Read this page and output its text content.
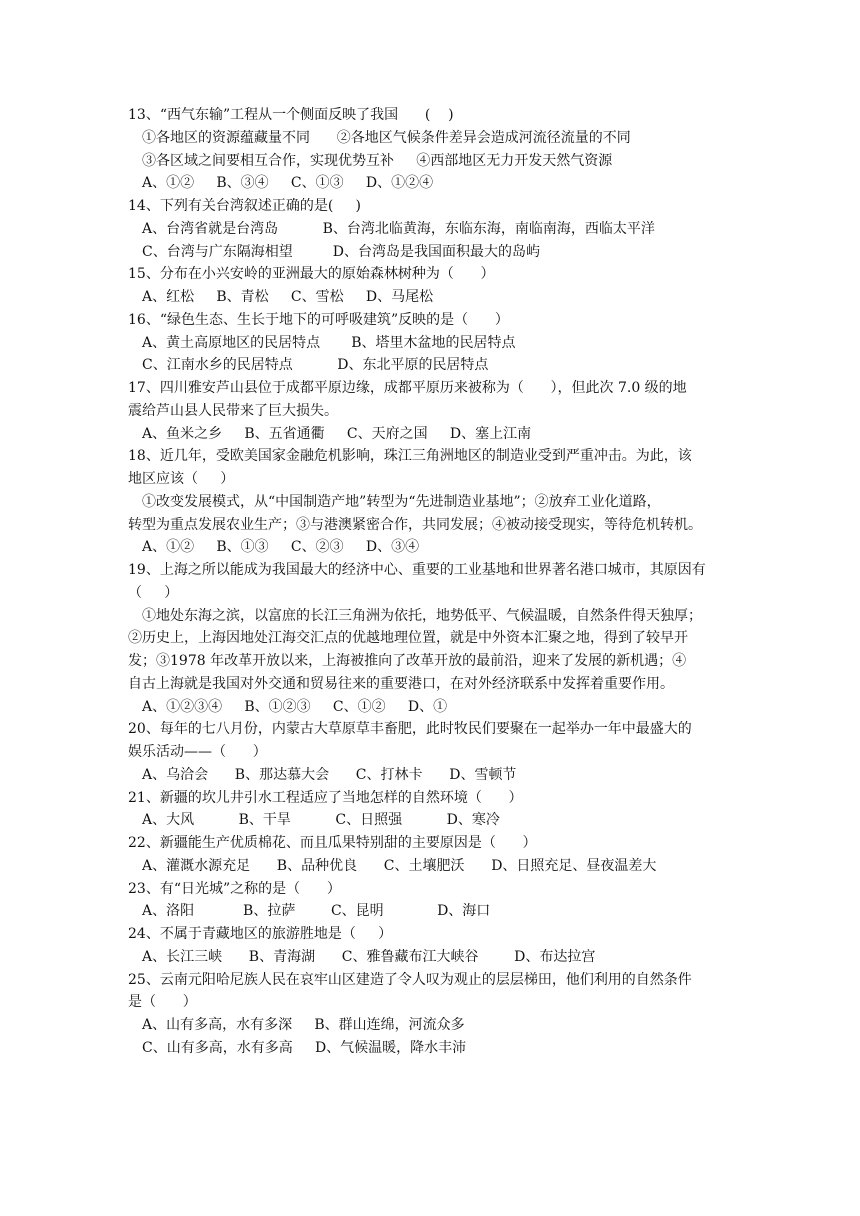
13、“西气东输”工程从一个侧面反映了我国      (    )
①各地区的资源蕴藏量不同      ②各地区气候条件差异会造成河流径流量的不同
③各区域之间要相互合作，实现优势互补     ④西部地区无力开发天然气资源
A、①②     B、③④     C、①③     D、①②④
14、下列有关台湾叙述正确的是(     )
A、台湾省就是台湾岛          B、台湾北临黄海，东临东海，南临南海，西临太平洋
C、台湾与广东隔海相望         D、台湾岛是我国面积最大的岛屿
15、分布在小兴安岭的亚洲最大的原始森林树种为（      ）
A、红松     B、青松     C、雪松     D、马尾松
16、“绿色生态、生长于地下的可呼吸建筑”反映的是（      ）
A、黄土高原地区的民居特点       B、塔里木盆地的民居特点
C、江南水乡的民居特点          D、东北平原的民居特点
17、四川雅安芦山县位于成都平原边缘，成都平原历来被称为（      ），但此次 7.0 级的地
震给芦山县人民带来了巨大损失。
A、鱼米之乡     B、五省通衢     C、天府之国     D、塞上江南
18、近几年，受欧美国家金融危机影响，珠江三角洲地区的制造业受到严重冲击。为此，该
地区应该（     ）
①改变发展模式，从“中国制造产地”转型为“先进制造业基地”；②放弃工业化道路，
转型为重点发展农业生产；③与港澳紧密合作，共同发展；④被动接受现实，等待危机转机。
A、①②     B、①③     C、②③     D、③④
19、上海之所以能成为我国最大的经济中心、重要的工业基地和世界著名港口城市，其原因有
（     ）
①地处东海之滨，以富庶的长江三角洲为依托，地势低平、气候温暖，自然条件得天独厚；
②历史上，上海因地处江海交汇点的优越地理位置，就是中外资本汇聚之地，得到了较早开
发；③1978 年改革开放以来，上海被推向了改革开放的最前沿，迎来了发展的新机遇；④
自古上海就是我国对外交通和贸易往来的重要港口，在对外经济联系中发挥着重要作用。
A、①②③④     B、①②③     C、①②     D、①
20、每年的七八月份，内蒙古大草原草丰畜肥，此时牧民们要聚在一起举办一年中最盛大的
娱乐活动——（      ）
A、乌洽会      B、那达慕大会      C、打林卡      D、雪顿节
21、新疆的坎儿井引水工程适应了当地怎样的自然环境（      ）
A、大风          B、干旱          C、日照强          D、寒冷
22、新疆能生产优质棉花、而且瓜果特别甜的主要原因是（      ）
A、灌溉水源充足      B、品种优良      C、土壤肥沃      D、日照充足、昼夜温差大
23、有“日光城”之称的是（      ）
A、洛阳           B、拉萨        C、昆明            D、海口
24、不属于青藏地区的旅游胜地是（     ）
A、长江三峡      B、青海湖      C、雅鲁藏布江大峡谷        D、布达拉宫
25、云南元阳哈尼族人民在哀牢山区建造了令人叹为观止的层层梯田，他们利用的自然条件
是（      ）
A、山有多高，水有多深     B、群山连绵，河流众多
C、山有多高，水有多高     D、气候温暖，降水丰沛
